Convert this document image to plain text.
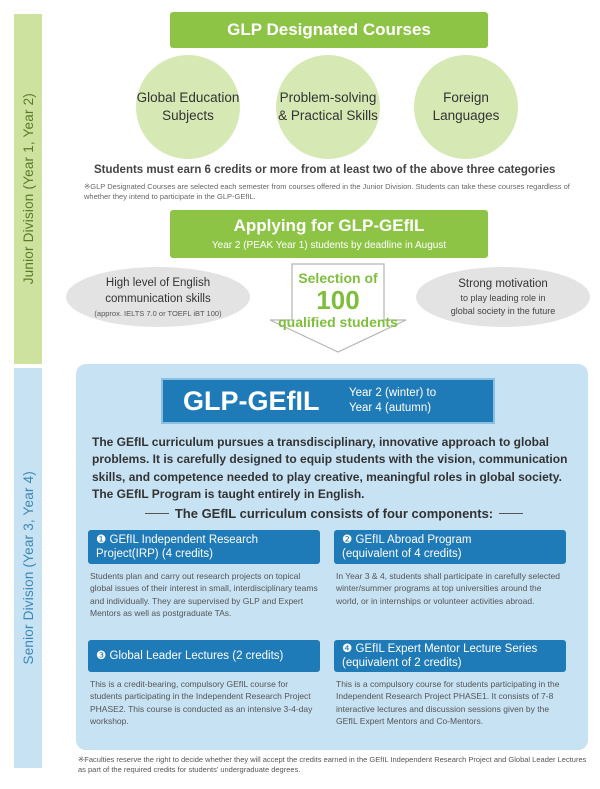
Junior Division (Year 1, Year 2)
Senior Division (Year 3, Year 4)
GLP Designated Courses
Global Education
Subjects
Problem-solving
& Practical Skills
Foreign
Languages
Students must earn 6 credits or more from at least two of the above three categories
※GLP Designated Courses are selected each semester from courses offered in the Junior Division. Students can take these courses regardless of whether they intend to participate in the GLP-GEfIL.
Applying for GLP-GEfIL
Year 2 (PEAK Year 1) students by deadline in August
High level of English
communication skills
(approx. IELTS 7.0 or TOEFL iBT 100)
Selection of
100
qualified students
Strong motivation
to play leading role in
global society in the future
GLP-GEfIL	Year 2 (winter) to
Year 4 (autumn)
The GEfIL curriculum pursues a transdisciplinary, innovative approach to global problems. It is carefully designed to equip students with the vision, communication skills, and competence needed to play creative, meaningful roles in global society. The GEfIL Program is taught entirely in English.
The GEfIL curriculum consists of four components:
❶ GEfIL Independent Research
Project(IRP) (4 credits)
Students plan and carry out research projects on topical global issues of their interest in small, interdisciplinary teams and individually. They are supervised by GLP and Expert Mentors as well as postgraduate TAs.
❷ GEfIL Abroad Program
(equivalent of 4 credits)
In Year 3 & 4, students shall participate in carefully selected winter/summer programs at top universities around the world, or in internships or volunteer activities abroad.
❸ Global Leader Lectures (2 credits)
This is a credit-bearing, compulsory GEfIL course for students participating in the Independent Research Project PHASE2. This course is conducted as an intensive 3-4-day workshop.
❹ GEfIL Expert Mentor Lecture Series
(equivalent of 2 credits)
This is a compulsory course for students participating in the Independent Research Project PHASE1. It consists of 7-8 interactive lectures and discussion sessions given by the GEfIL Expert Mentors and Co-Mentors.
※Faculties reserve the right to decide whether they will accept the credits earned in the GEfIL Independent Research Project and Global Leader Lectures as part of the required credits for students' undergraduate degrees.
